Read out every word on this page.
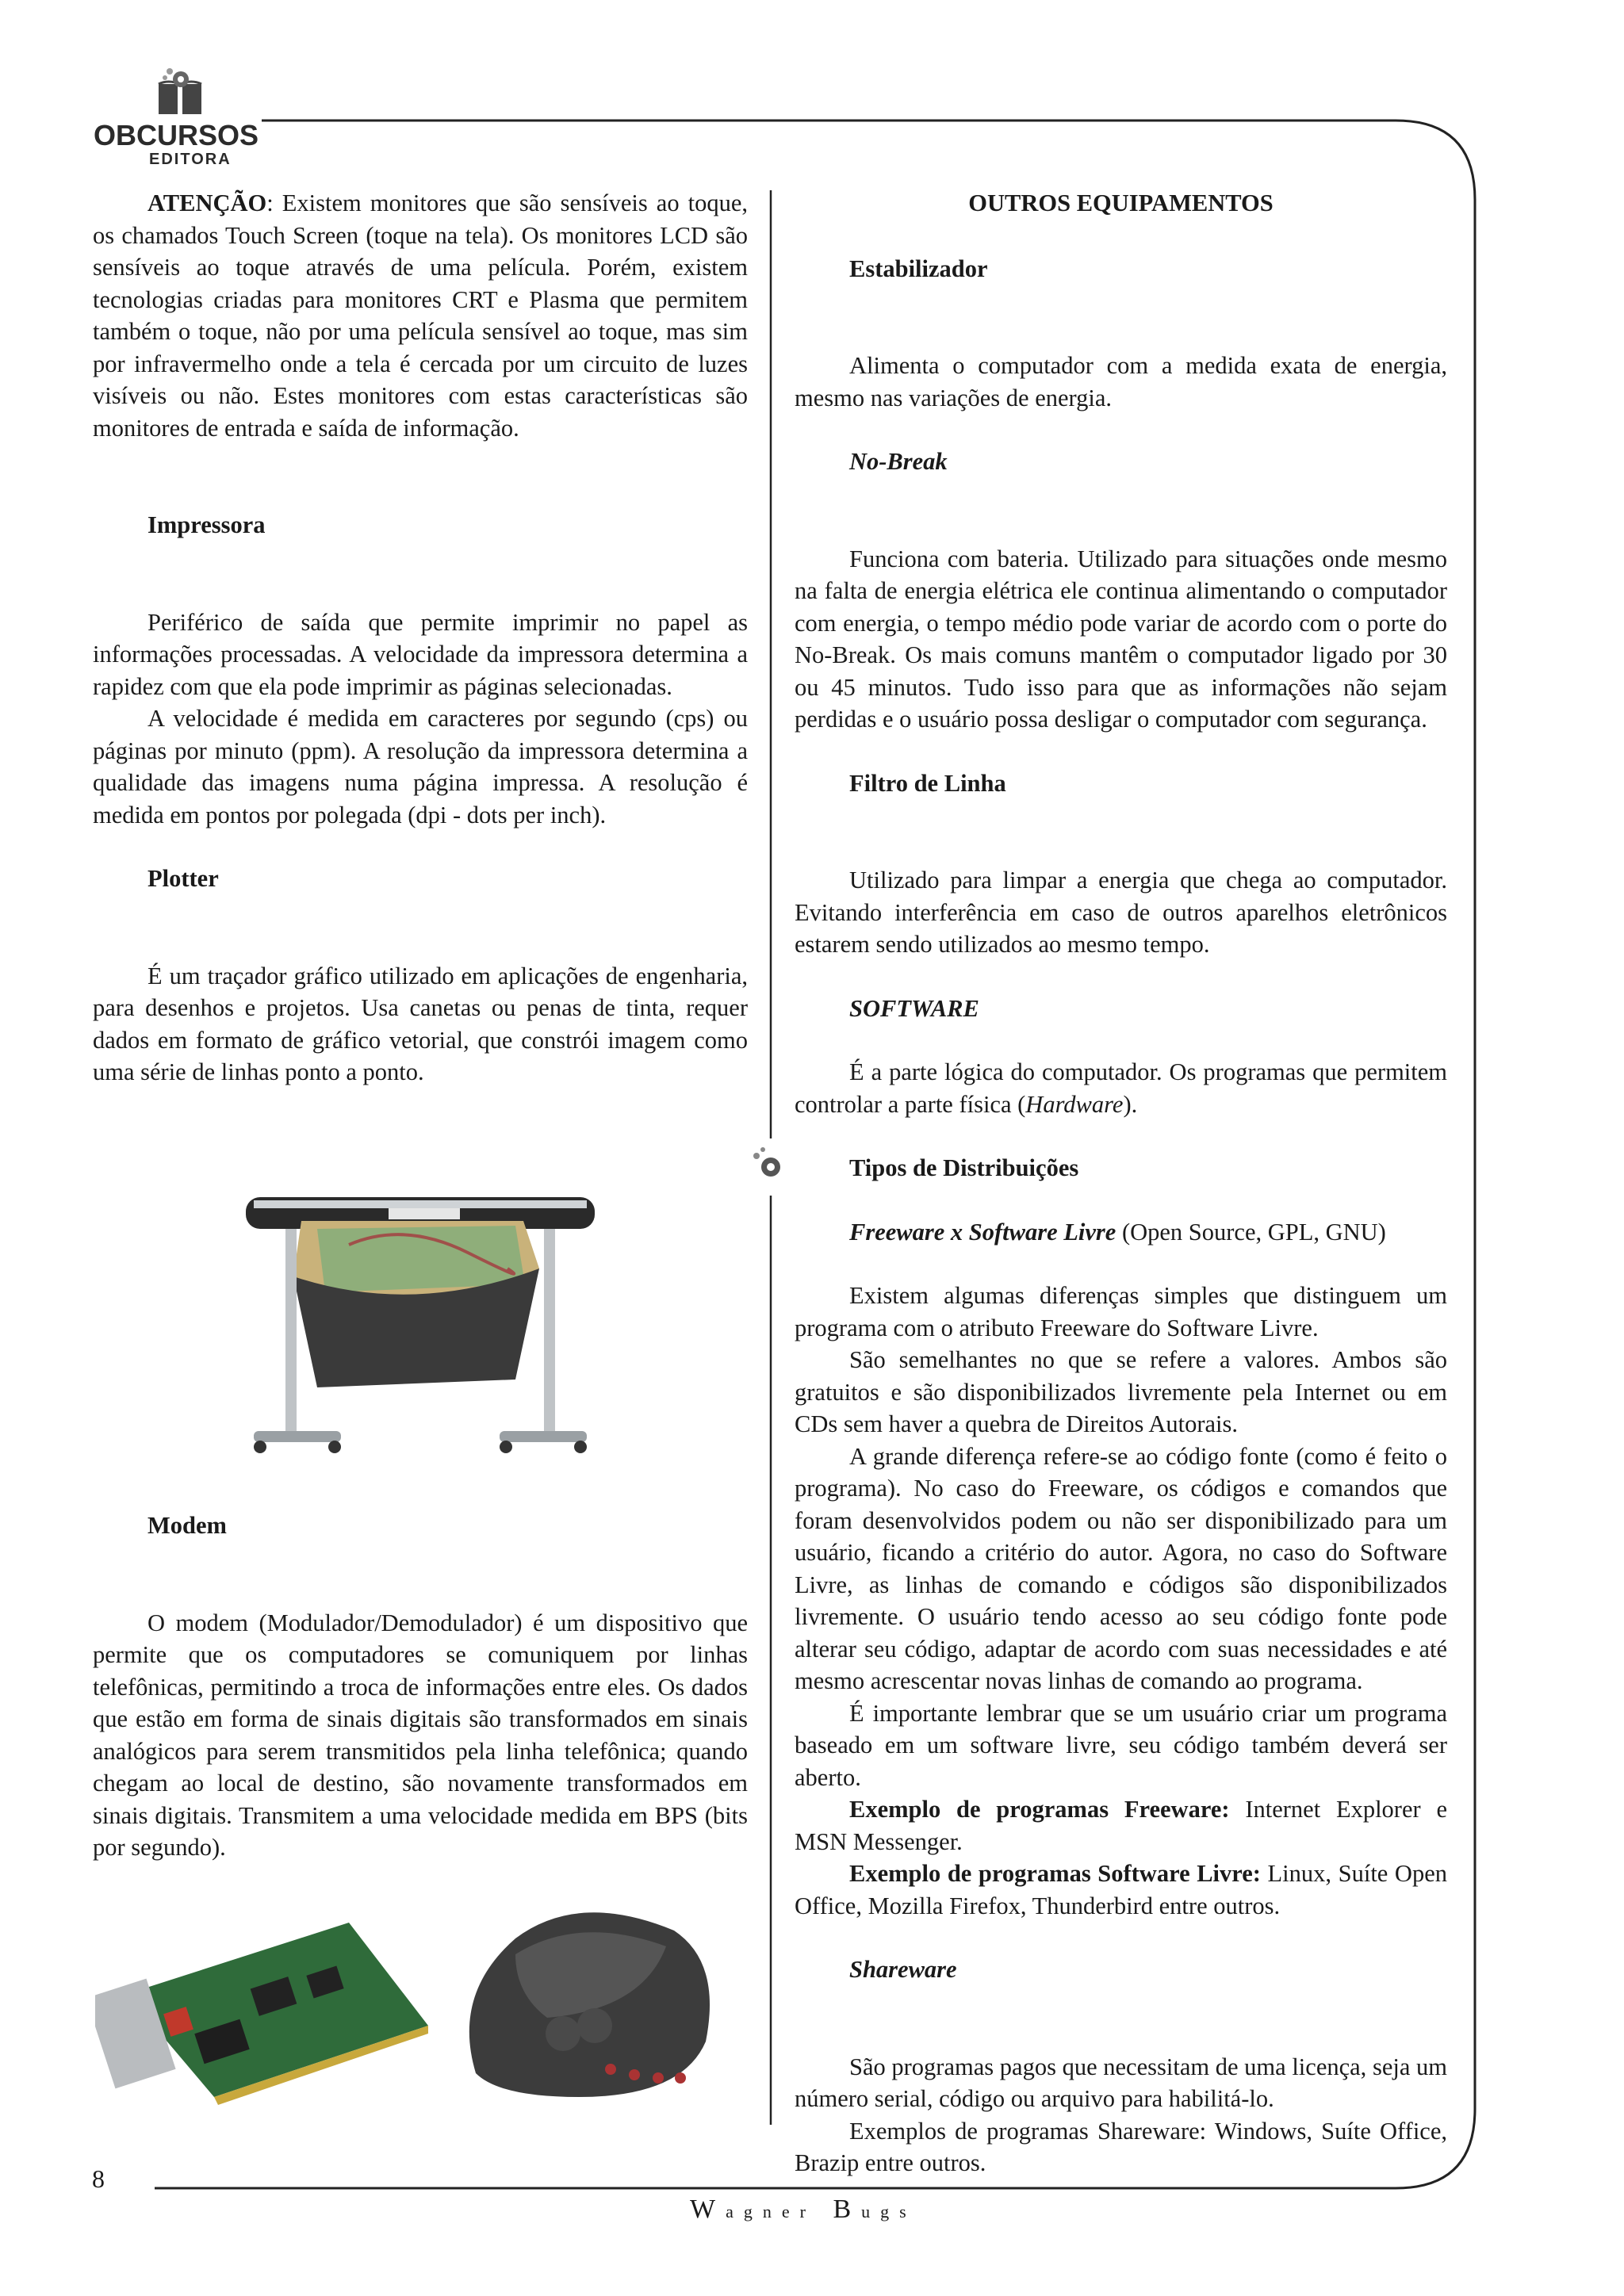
OBCURSOS
EDITORA

ATENÇÃO: Existem monitores que são sensíveis ao toque, os chamados Touch Screen (toque na tela). Os monitores LCD são sensíveis ao toque através de uma película. Porém, existem tecnologias criadas para monitores CRT e Plasma que permitem também o toque, não por uma película sensível ao toque, mas sim por infravermelho onde a tela é cercada por um circuito de luzes visíveis ou não. Estes monitores com estas características são monitores de entrada e saída de informação.

Impressora

Periférico de saída que permite imprimir no papel as informações processadas. A velocidade da impressora determina a rapidez com que ela pode imprimir as páginas selecionadas.

A velocidade é medida em caracteres por segundo (cps) ou páginas por minuto (ppm). A resolução da impressora determina a qualidade das imagens numa página impressa. A resolução é medida em pontos por polegada (dpi - dots per inch).

Plotter

É um traçador gráfico utilizado em aplicações de engenharia, para desenhos e projetos. Usa canetas ou penas de tinta, requer dados em formato de gráfico vetorial, que constrói imagem como uma série de linhas ponto a ponto.

Modem

O modem (Modulador/Demodulador) é um dispositivo que permite que os computadores se comuniquem por linhas telefônicas, permitindo a troca de informações entre eles. Os dados que estão em forma de sinais digitais são transformados em sinais analógicos para serem transmitidos pela linha telefônica; quando chegam ao local de destino, são novamente transformados em sinais digitais. Transmitem a uma velocidade medida em BPS (bits por segundo).

OUTROS EQUIPAMENTOS
Estabilizador

Alimenta o computador com a medida exata de energia, mesmo nas variações de energia.

No-Break

Funciona com bateria. Utilizado para situações onde mesmo na falta de energia elétrica ele continua alimentando o computador com energia, o tempo médio pode variar de acordo com o porte do No-Break. Os mais comuns mantêm o computador ligado por 30 ou 45 minutos. Tudo isso para que as informações não sejam perdidas e o usuário possa desligar o computador com segurança.

Filtro de Linha

Utilizado para limpar a energia que chega ao computador. Evitando interferência em caso de outros aparelhos eletrônicos estarem sendo utilizados ao mesmo tempo.

SOFTWARE

É a parte lógica do computador. Os programas que permitem controlar a parte física (Hardware).

Tipos de Distribuições

Freeware x Software Livre (Open Source, GPL, GNU)

Existem algumas diferenças simples que distinguem um programa com o atributo Freeware do Software Livre.

São semelhantes no que se refere a valores. Ambos são gratuitos e são disponibilizados livremente pela Internet ou em CDs sem haver a quebra de Direitos Autorais.

A grande diferença refere-se ao código fonte (como é feito o programa). No caso do Freeware, os códigos e comandos que foram desenvolvidos podem ou não ser disponibilizado para um usuário, ficando a critério do autor. Agora, no caso do Software Livre, as linhas de comando e códigos são disponibilizados livremente. O usuário tendo acesso ao seu código fonte pode alterar seu código, adaptar de acordo com suas necessidades e até mesmo acrescentar novas linhas de comando ao programa.

É importante lembrar que se um usuário criar um programa baseado em um software livre, seu código também deverá ser aberto.

Exemplo de programas Freeware: Internet Explorer e MSN Messenger.

Exemplo de programas Software Livre: Linux, Suíte Open Office, Mozilla Firefox, Thunderbird entre outros.

Shareware

São programas pagos que necessitam de uma licença, seja um número serial, código ou arquivo para habilitá-lo.

Exemplos de programas Shareware: Windows, Suíte Office, Brazip entre outros.

8
Wagner Bugs
